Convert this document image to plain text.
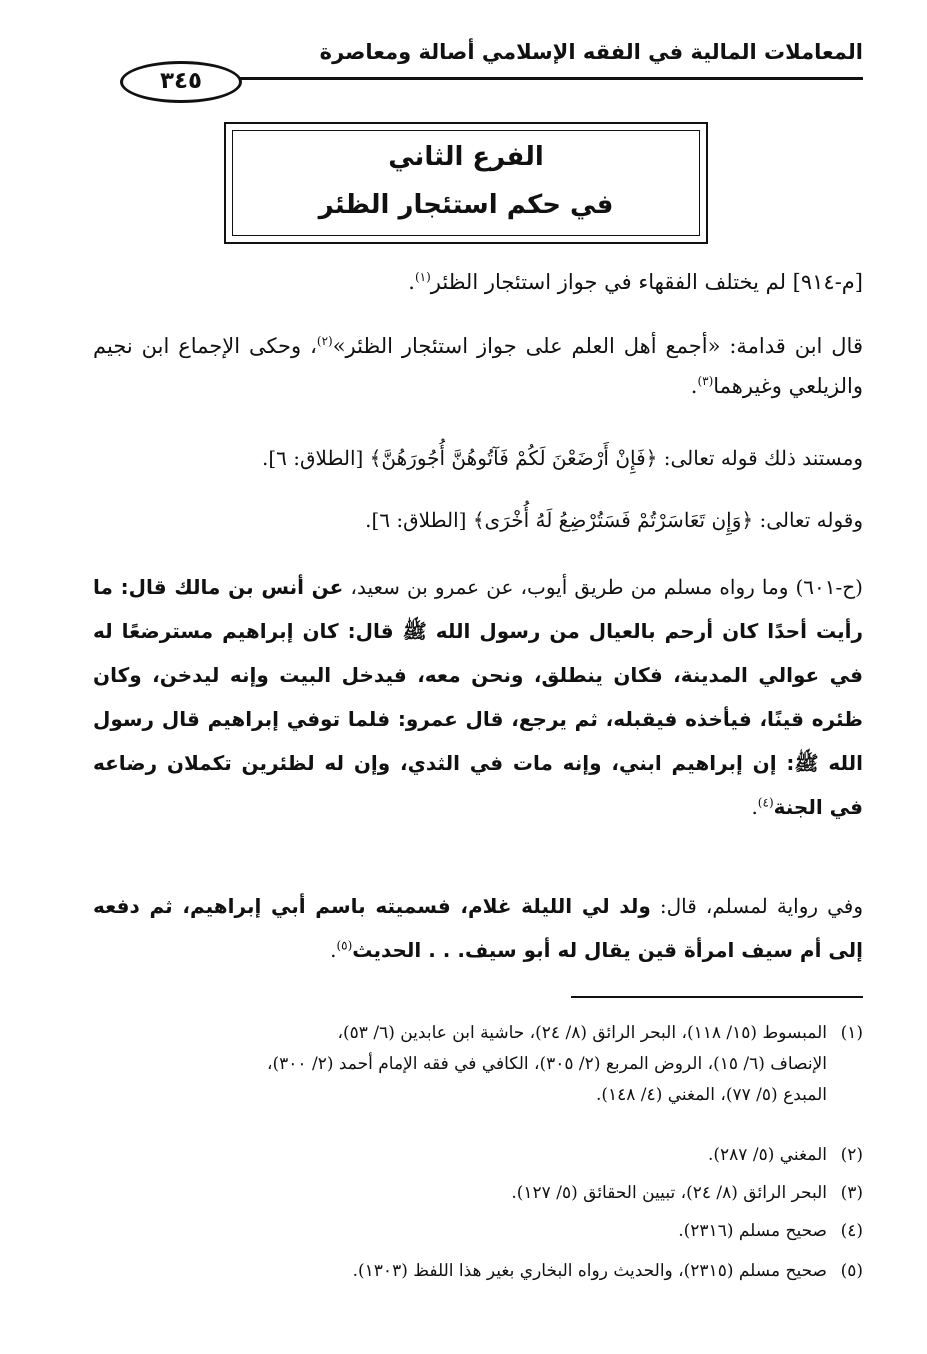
المعاملات المالية في الفقه الإسلامي أصالة ومعاصرة
٣٤٥
الفرع الثاني
في حكم استئجار الظئر
[م-٩١٤] لم يختلف الفقهاء في جواز استئجار الظئر$^{(١)}$.
قال ابن قدامة: «أجمع أهل العلم على جواز استئجار الظئر»$^{(٢)}$، وحكى الإجماع ابن نجيم والزيلعي وغيرهما$^{(٣)}$.
ومستند ذلك قوله تعالى: ﴿فَإِنْ أَرْضَعْنَ لَكُمْ فَآتُوهُنَّ أُجُورَهُنَّ﴾ [الطلاق: ٦].
وقوله تعالى: ﴿وَإِن تَعَاسَرْتُمْ فَسَتُرْضِعُ لَهُ أُخْرَى﴾ [الطلاق: ٦].
(ح-٦٠١) وما رواه مسلم من طريق أيوب، عن عمرو بن سعيد، عن أنس بن مالك قال: ما رأيت أحدًا كان أرحم بالعيال من رسول الله ﷺ قال: كان إبراهيم مسترضعًا له في عوالي المدينة، فكان ينطلق، ونحن معه، فيدخل البيت وإنه ليدخن، وكان ظئره قينًا، فيأخذه فيقبله، ثم يرجع، قال عمرو: فلما توفي إبراهيم قال رسول الله ﷺ: إن إبراهيم ابني، وإنه مات في الثدي، وإن له لظئرين تكملان رضاعه في الجنة$^{(٤)}$.
وفي رواية لمسلم، قال: ولد لي الليلة غلام، فسميته باسم أبي إبراهيم، ثم دفعه إلى أم سيف امرأة قين يقال له أبو سيف. . . الحديث$^{(٥)}$.
(١)المبسوط (١٥/ ١١٨)، البحر الرائق (٨/ ٢٤)، حاشية ابن عابدين (٦/ ٥٣)،
الإنصاف (٦/ ١٥)، الروض المربع (٢/ ٣٠٥)، الكافي في فقه الإمام أحمد (٢/ ٣٠٠)،
المبدع (٥/ ٧٧)، المغني (٤/ ١٤٨).
(٢)المغني (٥/ ٢٨٧).
(٣)البحر الرائق (٨/ ٢٤)، تبيين الحقائق (٥/ ١٢٧).
(٤)صحيح مسلم (٢٣١٦).
(٥)صحيح مسلم (٢٣١٥)، والحديث رواه البخاري بغير هذا اللفظ (١٣٠٣).
